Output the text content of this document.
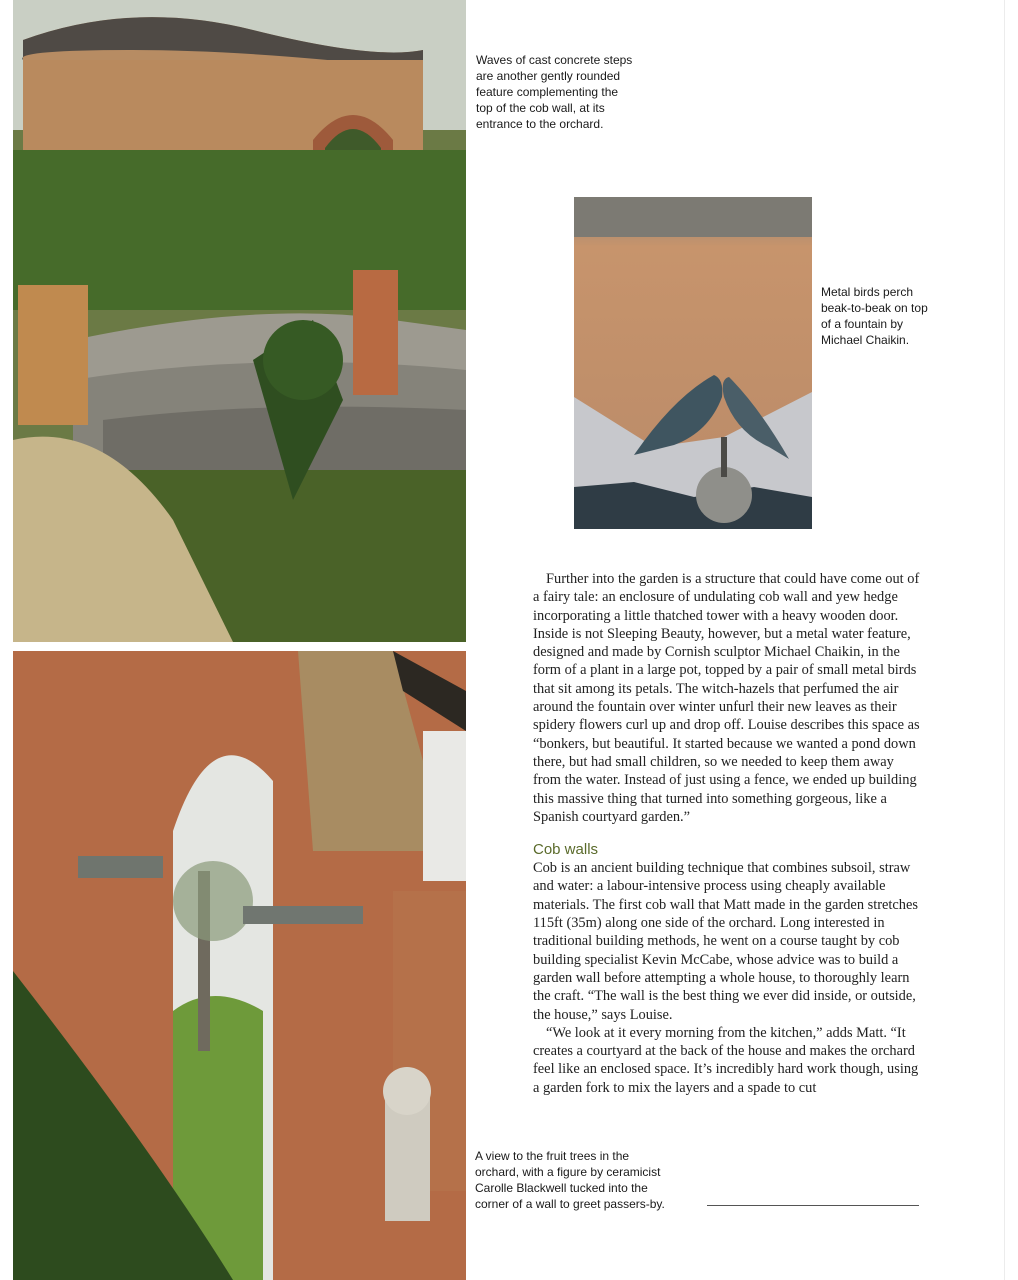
Waves of cast concrete steps are another gently rounded feature complementing the top of the cob wall, at its entrance to the orchard.
Metal birds perch beak-to-beak on top of a fountain by Michael Chaikin.
A view to the fruit trees in the orchard, with a figure by ceramicist Carolle Blackwell tucked into the corner of a wall to greet passers-by.

Further into the garden is a structure that could have come out of a fairy tale: an enclosure of undulating cob wall and yew hedge incorporating a little thatched tower with a heavy wooden door. Inside is not Sleeping Beauty, however, but a metal water feature, designed and made by Cornish sculptor Michael Chaikin, in the form of a plant in a large pot, topped by a pair of small metal birds that sit among its petals. The witch-hazels that perfumed the air around the fountain over winter unfurl their new leaves as their spidery flowers curl up and drop off. Louise describes this space as “bonkers, but beautiful. It started because we wanted a pond down there, but had small children, so we needed to keep them away from the water. Instead of just using a fence, we ended up building this massive thing that turned into something gorgeous, like a Spanish courtyard garden.”

Cob walls

Cob is an ancient building technique that combines subsoil, straw and water: a labour-intensive process using cheaply available materials. The first cob wall that Matt made in the garden stretches 115ft (35m) along one side of the orchard. Long interested in traditional building methods, he went on a course taught by cob building specialist Kevin McCabe, whose advice was to build a garden wall before attempting a whole house, to thoroughly learn the craft. “The wall is the best thing we ever did inside, or outside, the house,” says Louise.

“We look at it every morning from the kitchen,” adds Matt. “It creates a courtyard at the back of the house and makes the orchard feel like an enclosed space. It’s incredibly hard work though, using a garden fork to mix the layers and a spade to cut
